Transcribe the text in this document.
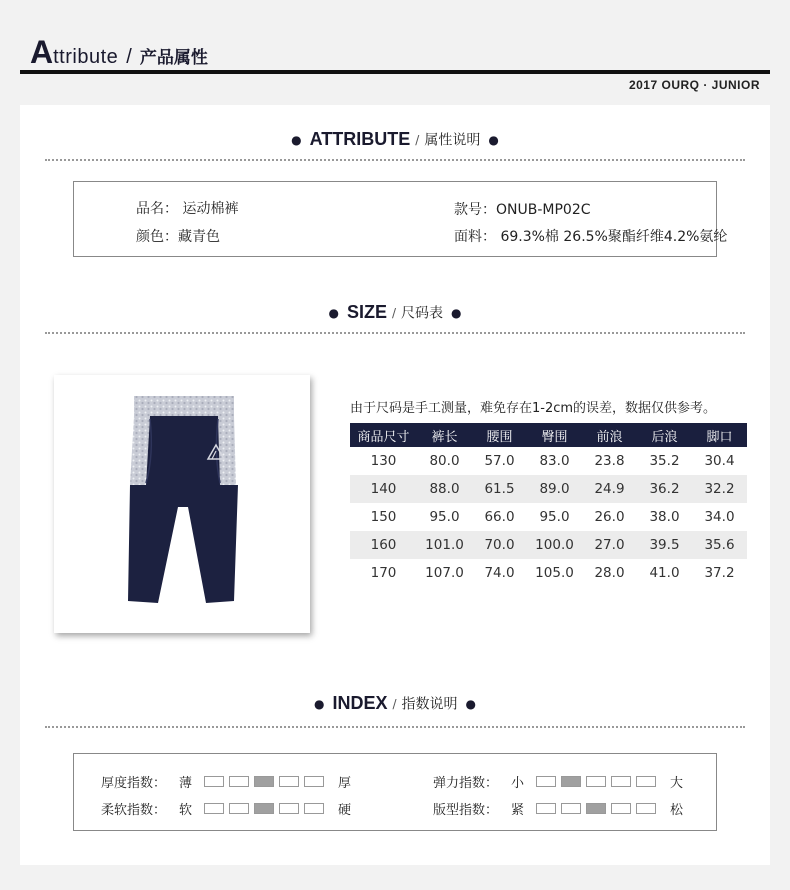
Attribute / 产品属性
2017 OURQ · JUNIOR
● ATTRIBUTE / 属性说明 ●
品名： 运动棉裤	款号：ONUB-MP02C
颜色：藏青色	面料： 69.3%棉 26.5%聚酯纤维4.2%氨纶
● SIZE / 尺码表 ●
由于尺码是手工测量，难免存在1-2cm的误差，数据仅供参考。
商品尺寸	裤长	腰围	臀围	前浪	后浪	脚口
130	80.0	57.0	83.0	23.8	35.2	30.4
140	88.0	61.5	89.0	24.9	36.2	32.2
150	95.0	66.0	95.0	26.0	38.0	34.0
160	101.0	70.0	100.0	27.0	39.5	35.6
170	107.0	74.0	105.0	28.0	41.0	37.2
● INDEX / 指数说明 ●
厚度指数： 薄	厚	弹力指数： 小	大
柔软指数： 软	硬	版型指数： 紧	松
